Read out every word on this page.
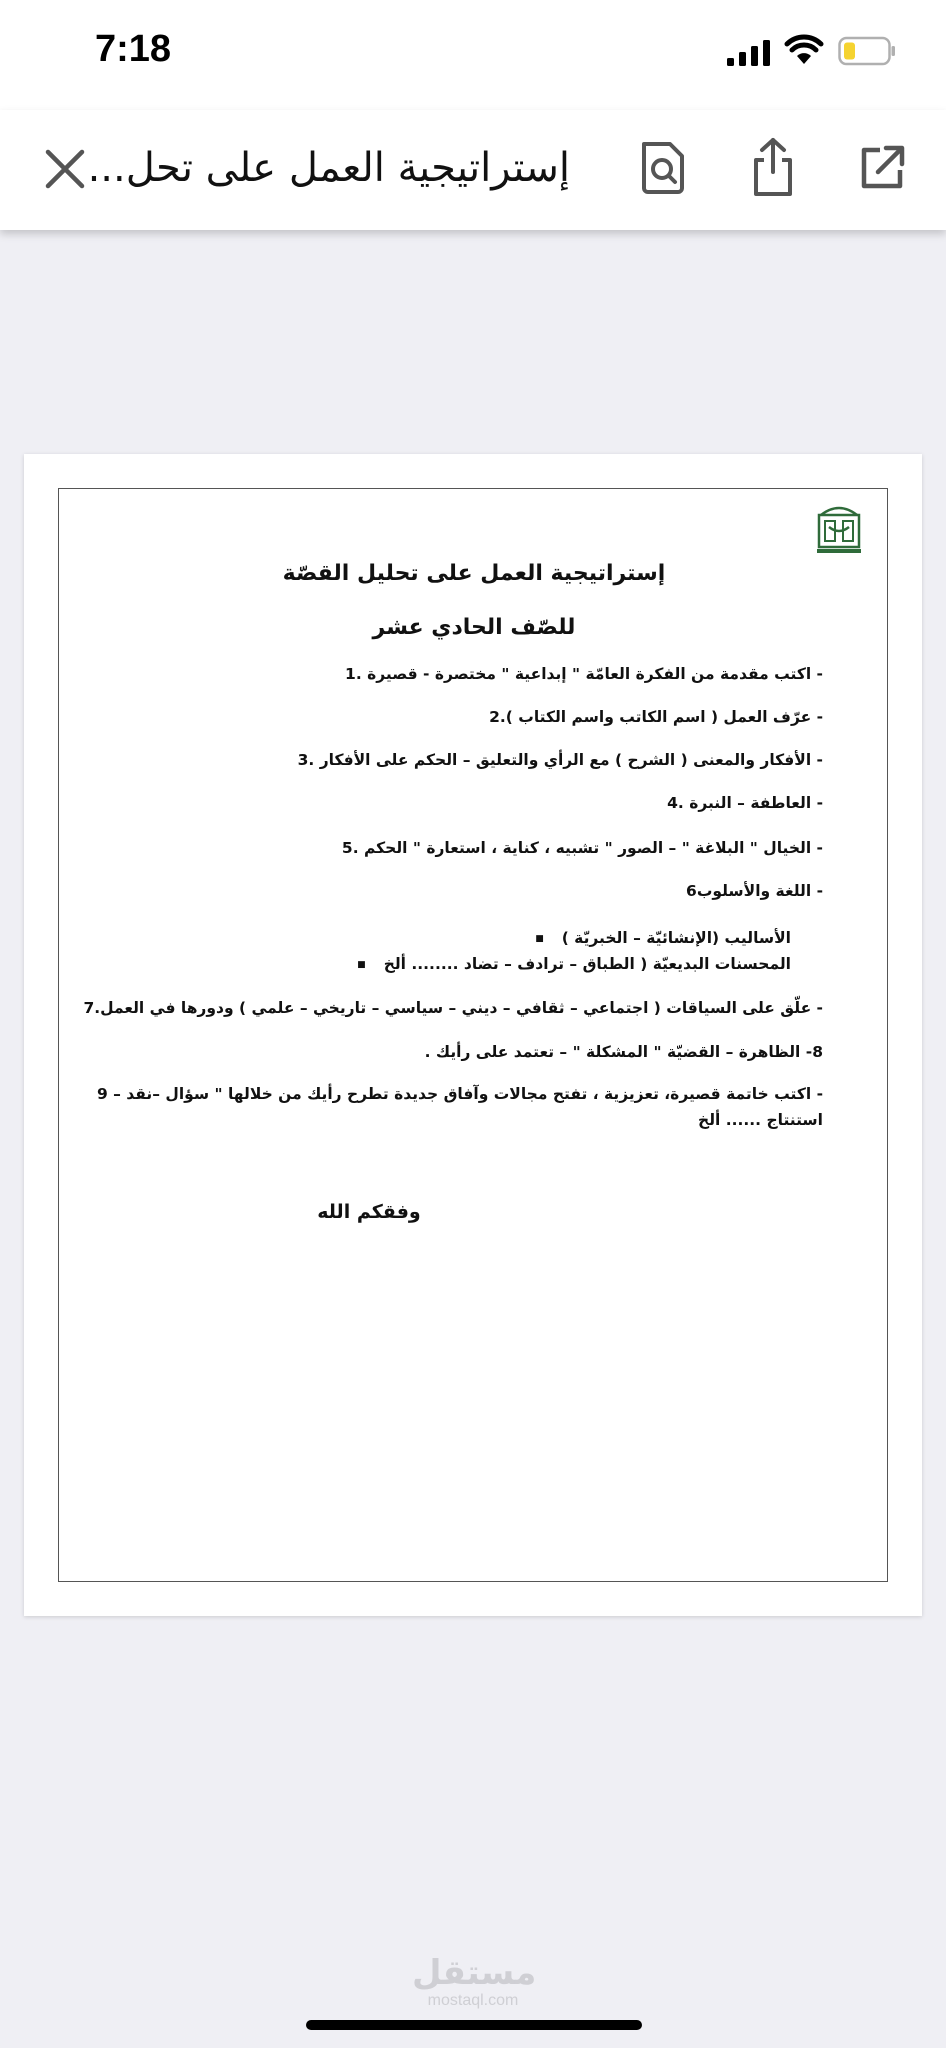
7:18
إستراتيجية العمل على تحل...
إستراتيجية العمل على تحليل القصّة
للصّف الحادي عشر
- اكتب مقدمة من الفكرة العامّة " إبداعية " مختصرة - قصيرة .1
- عرّف العمل ( اسم الكاتب واسم الكتاب ).2
- الأفكار والمعنى ( الشرح ) مع الرأي والتعليق – الحكم على الأفكار .3
- العاطفة – النبرة .4
- الخيال " البلاغة " – الصور " تشبيه ، كناية ، استعارة " الحكم .5
- اللغة والأسلوب6
الأساليب (الإنشائيّة – الخبريّة ) ■
المحسنات البديعيّة ( الطباق – ترادف – تضاد ........ ألخ ■
- علّق على السياقات ( اجتماعي – ثقافي – ديني – سياسي – تاريخي – علمي ) ودورها في العمل.7
8- الظاهرة – القضيّة " المشكلة " – تعتمد على رأيك .
- اكتب خاتمة قصيرة، تعزيزية ، تفتح مجالات وآفاق جديدة تطرح رأيك من خلالها " سؤال –نقد – 9
استنتاج ...... ألخ
وفقكم الله
مستقل
mostaql.com
